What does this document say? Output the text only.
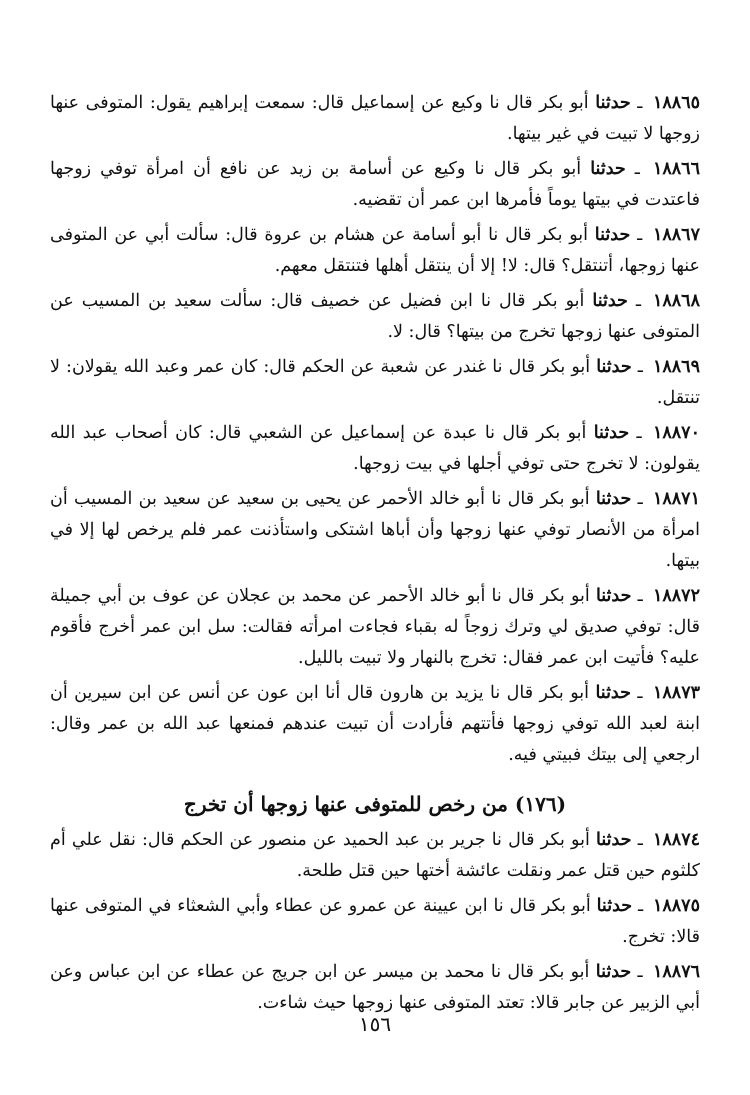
١٨٨٦٥ ـ حدثنا أبو بكر قال نا وكيع عن إسماعيل قال: سمعت إبراهيم يقول: المتوفى عنها زوجها لا تبيت في غير بيتها.

١٨٨٦٦ ـ حدثنا أبو بكر قال نا وكيع عن أسامة بن زيد عن نافع أن امرأة توفي زوجها فاعتدت في بيتها يوماً فأمرها ابن عمر أن تقضيه.

١٨٨٦٧ ـ حدثنا أبو بكر قال نا أبو أسامة عن هشام بن عروة قال: سألت أبي عن المتوفى عنها زوجها، أتنتقل؟ قال: لا! إلا أن ينتقل أهلها فتنتقل معهم.

١٨٨٦٨ ـ حدثنا أبو بكر قال نا ابن فضيل عن خصيف قال: سألت سعيد بن المسيب عن المتوفى عنها زوجها تخرج من بيتها؟ قال: لا.

١٨٨٦٩ ـ حدثنا أبو بكر قال نا غندر عن شعبة عن الحكم قال: كان عمر وعبد الله يقولان: لا تنتقل.

١٨٨٧٠ ـ حدثنا أبو بكر قال نا عبدة عن إسماعيل عن الشعبي قال: كان أصحاب عبد الله يقولون: لا تخرج حتى توفي أجلها في بيت زوجها.

١٨٨٧١ ـ حدثنا أبو بكر قال نا أبو خالد الأحمر عن يحيى بن سعيد عن سعيد بن المسيب أن امرأة من الأنصار توفي عنها زوجها وأن أباها اشتكى واستأذنت عمر فلم يرخص لها إلا في بيتها.

١٨٨٧٢ ـ حدثنا أبو بكر قال نا أبو خالد الأحمر عن محمد بن عجلان عن عوف بن أبي جميلة قال: توفي صديق لي وترك زوجاً له بقباء فجاءت امرأته فقالت: سل ابن عمر أخرج فأقوم عليه؟ فأتيت ابن عمر فقال: تخرج بالنهار ولا تبيت بالليل.

١٨٨٧٣ ـ حدثنا أبو بكر قال نا يزيد بن هارون قال أنا ابن عون عن أنس عن ابن سيرين أن ابنة لعبد الله توفي زوجها فأتتهم فأرادت أن تبيت عندهم فمنعها عبد الله بن عمر وقال: ارجعي إلى بيتك فبيتي فيه.

(١٧٦) من رخص للمتوفى عنها زوجها أن تخرج

١٨٨٧٤ ـ حدثنا أبو بكر قال نا جرير بن عبد الحميد عن منصور عن الحكم قال: نقل علي أم كلثوم حين قتل عمر ونقلت عائشة أختها حين قتل طلحة.

١٨٨٧٥ ـ حدثنا أبو بكر قال نا ابن عيينة عن عمرو عن عطاء وأبي الشعثاء في المتوفى عنها قالا: تخرج.

١٨٨٧٦ ـ حدثنا أبو بكر قال نا محمد بن ميسر عن ابن جريج عن عطاء عن ابن عباس وعن أبي الزبير عن جابر قالا: تعتد المتوفى عنها زوجها حيث شاءت.

١٥٦
